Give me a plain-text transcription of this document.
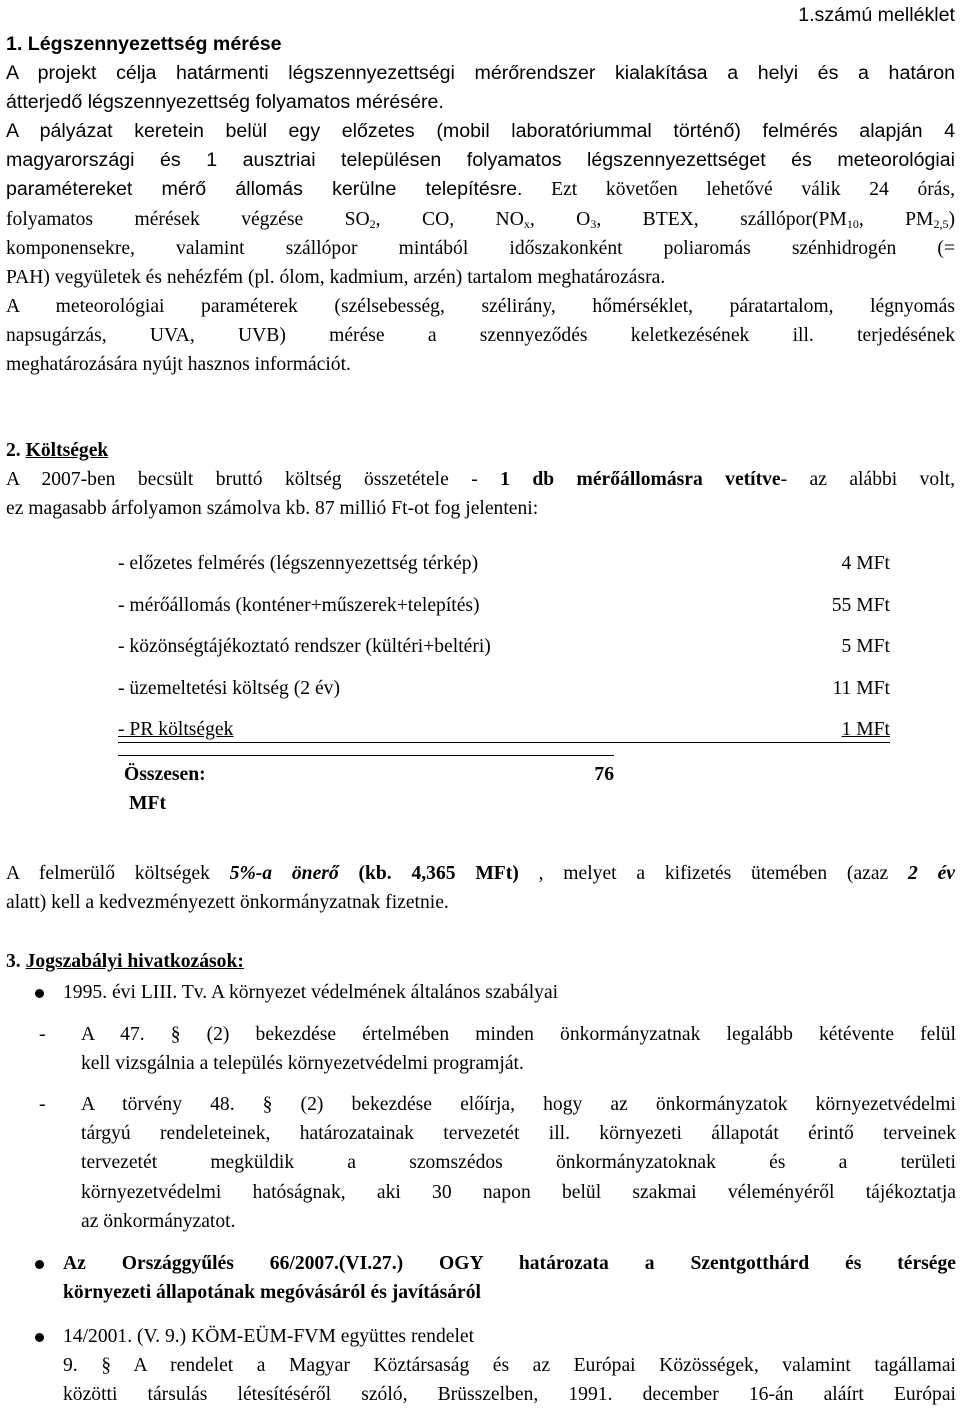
1.számú melléklet
1. Légszennyezettség mérése

A projekt célja határmenti légszennyezettségi mérőrendszer kialakítása a helyi és a határon

átterjedő légszennyezettség folyamatos mérésére.

A pályázat keretein belül egy előzetes (mobil laboratóriummal történő) felmérés alapján 4

magyarországi és 1 ausztriai településen folyamatos légszennyezettséget és meteorológiai

paramétereket mérő állomás kerülne telepítésre. Ezt követően lehetővé válik 24 órás,

folyamatos mérések végzése $SO_2$, CO, $NO_x$, $O_3$, BTEX, $szállópor(PM_{10}$, $PM_{2,5}$)

komponensekre, valamint szállópor mintából időszakonként poliaromás szénhidrogén (=

PAH) vegyületek és nehézfém (pl. ólom, kadmium, arzén) tartalom meghatározásra.

A meteorológiai paraméterek (szélsebesség, szélirány, hőmérséklet, páratartalom, légnyomás

napsugárzás, UVA, UVB) mérése a szennyeződés keletkezésének ill. terjedésének

meghatározására nyújt hasznos információt.

2. Költségek

A 2007-ben becsült bruttó költség összetétele - 1 db mérőállomásra vetítve- az alábbi volt,

ez magasabb árfolyamon számolva kb. 87 millió Ft-ot fog jelenteni:

- előzetes felmérés (légszennyezettség térkép)	4 MFt
- mérőállomás (konténer+műszerek+telepítés)	55 MFt
- közönségtájékoztató rendszer (kültéri+beltéri)	5 MFt
- üzemeltetési költség (2 év)	11 MFt
- PR költségek	1 MFt
Összesen:	76
MFt

A felmerülő költségek 5%-a önerő (kb. 4,365 MFt) , melyet a kifizetés ütemében (azaz 2 év

alatt) kell a kedvezményezett önkormányzatnak fizetnie.

3. Jogszabályi hivatkozások:
1995. évi LIII. Tv. A környezet védelmének általános szabályai
- A 47. § (2) bekezdése értelmében minden önkormányzatnak legalább kétévente felül

kell vizsgálnia a település környezetvédelmi programját.

- A törvény 48. § (2) bekezdése előírja, hogy az önkormányzatok környezetvédelmi

tárgyú rendeleteinek, határozatainak tervezetét ill. környezeti állapotát érintő terveinek

tervezetét megküldik a szomszédos önkormányzatoknak és a területi

környezetvédelmi hatóságnak, aki 30 napon belül szakmai véleményéről tájékoztatja

az önkormányzatot.

Az Országgyűlés 66/2007.(VI.27.) OGY határozata a Szentgotthárd és térsége

környezeti állapotának megóvásáról és javításáról

14/2001. (V. 9.) KÖM-EÜM-FVM együttes rendelet

9. § A rendelet a Magyar Köztársaság és az Európai Közösségek, valamint tagállamai

közötti társulás létesítéséről szóló, Brüsszelben, 1991. december 16-án aláírt Európai
